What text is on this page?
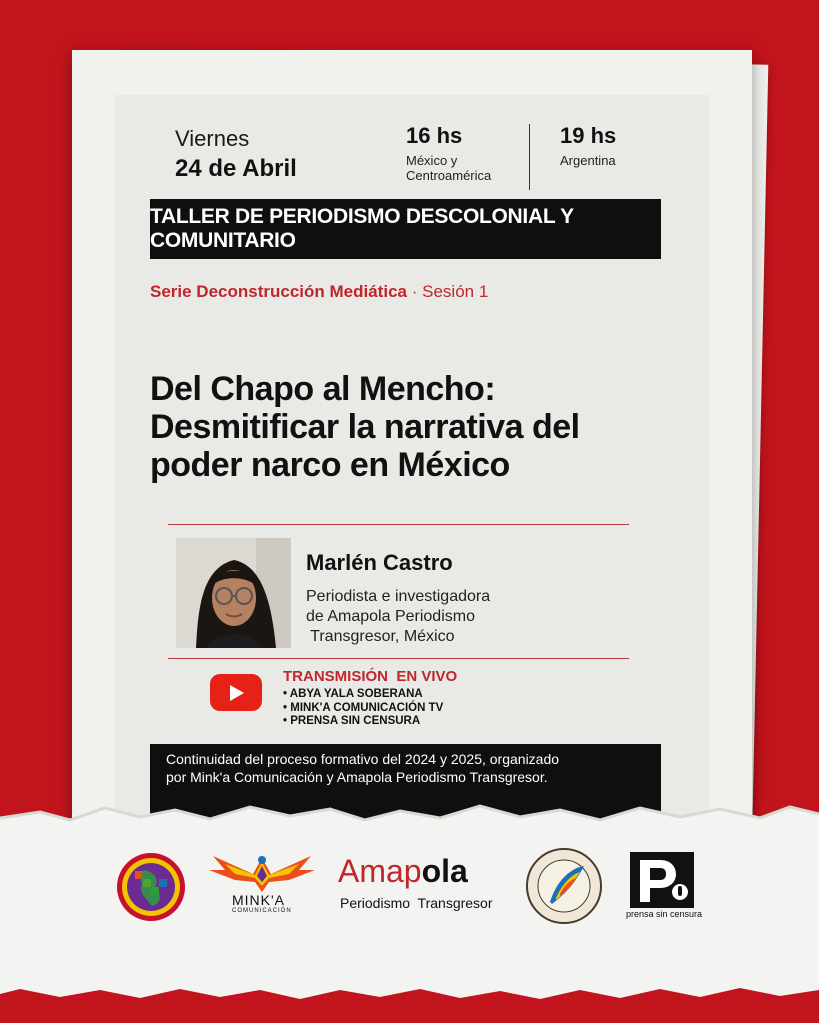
Viernes
24 de Abril
16 hs
México y Centroamérica
19 hs
Argentina
TALLER DE PERIODISMO DESCOLONIAL Y COMUNITARIO
Serie Deconstrucción Mediática · Sesión 1
Del Chapo al Mencho:
Desmitificar la narrativa del
poder narco en México
Marlén Castro
Periodista e investigadora
de Amapola Periodismo
Transgresor, México
TRANSMISIÓN  EN VIVO
• ABYA YALA SOBERANA
• MINK'A COMUNICACIÓN TV
• PRENSA SIN CENSURA
Continuidad del proceso formativo del 2024 y 2025, organizado
por Mink'a Comunicación y Amapola Periodismo Transgresor.
MINK'A
COMUNICACIÓN
Amapola
Periodismo  Transgresor
prensa sin censura
